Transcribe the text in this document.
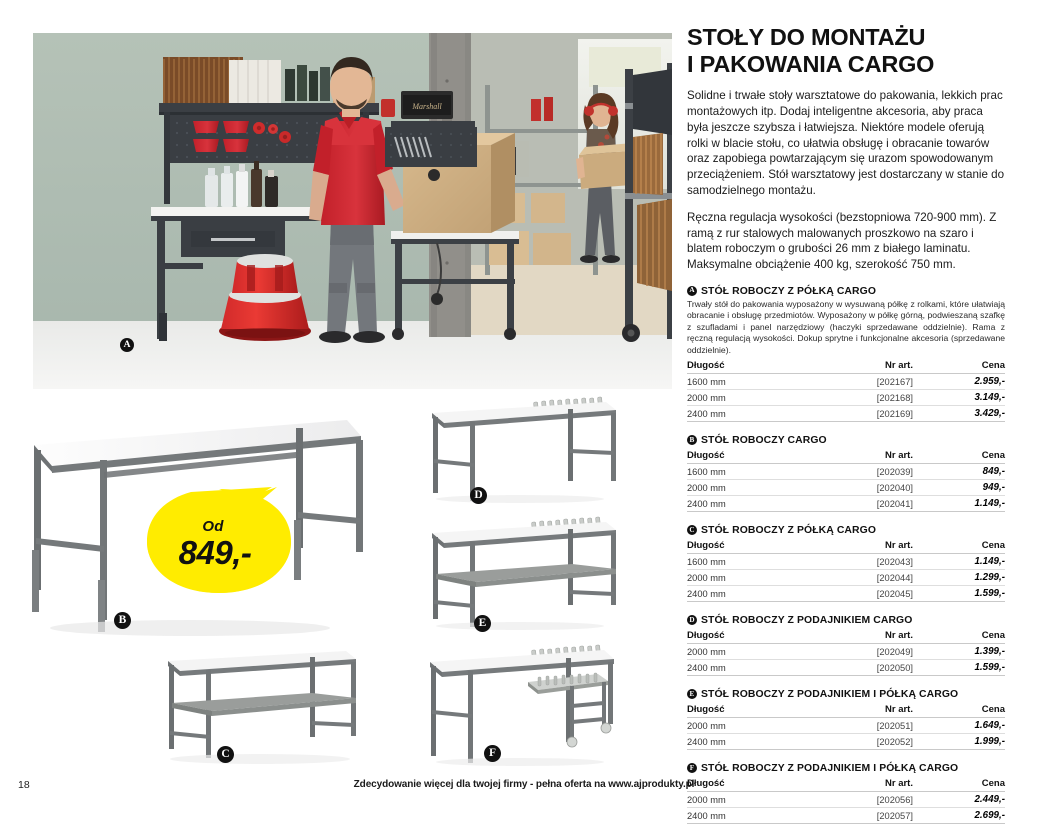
Marshall
A
STOŁY DO MONTAŻU
I PAKOWANIA CARGO

Solidne i trwałe stoły warsztatowe do pakowania, lekkich prac montażowych itp. Dodaj inteligentne akcesoria, aby praca była jeszcze szybsza i łatwiejsza. Niektóre modele oferują rolki w blacie stołu, co ułatwia obsługę i obracanie towarów oraz zapobiega powtarzającym się urazom spowodowanym przeciążeniem. Stół warsztatowy jest dostarczany w stanie do samodzielnego montażu.

Ręczna regulacja wysokości (bezstopniowa 720-900 mm). Z ramą z rur stalowych malowanych proszkowo na szaro i blatem roboczym o grubości 26 mm z białego laminatu. Maksymalne obciążenie 400 kg, szerokość 750 mm.

A STÓŁ ROBOCZY Z PÓŁKĄ CARGO
Trwały stół do pakowania wyposażony w wysuwaną półkę z rolkami, które ułatwiają obracanie i obsługę przedmiotów. Wyposażony w półkę górną, podwieszaną szafkę z szufladami i panel narzędziowy (haczyki sprzedawane oddzielnie). Rama z ręczną regulacją wysokości. Dokup sprytne i funkcjonalne akcesoria (sprzedawane oddzielnie).
Długość	Nr art.	Cena
1600 mm	[202167]	2.959,-
2000 mm	[202168]	3.149,-
2400 mm	[202169]	3.429,-
B STÓŁ ROBOCZY CARGO
Długość	Nr art.	Cena
1600 mm	[202039]	849,-
2000 mm	[202040]	949,-
2400 mm	[202041]	1.149,-
C STÓŁ ROBOCZY Z PÓŁKĄ CARGO
Długość	Nr art.	Cena
1600 mm	[202043]	1.149,-
2000 mm	[202044]	1.299,-
2400 mm	[202045]	1.599,-
D STÓŁ ROBOCZY Z PODAJNIKIEM CARGO
Długość	Nr art.	Cena
2000 mm	[202049]	1.399,-
2400 mm	[202050]	1.599,-
E STÓŁ ROBOCZY Z PODAJNIKIEM I PÓŁKĄ CARGO
Długość	Nr art.	Cena
2000 mm	[202051]	1.649,-
2400 mm	[202052]	1.999,-
F STÓŁ ROBOCZY Z PODAJNIKIEM I PÓŁKĄ CARGO
Długość	Nr art.	Cena
2000 mm	[202056]	2.449,-
2400 mm	[202057]	2.699,-
B
Od
849,-
C
D
E
F
18	Zdecydowanie więcej dla twojej firmy - pełna oferta na www.ajprodukty.pl
